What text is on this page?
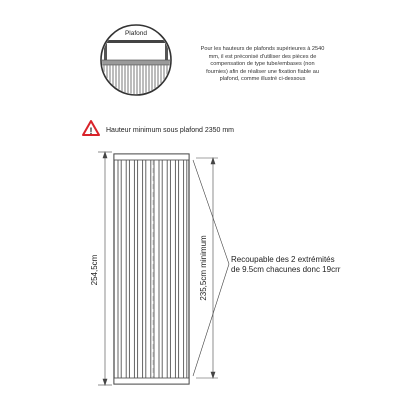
Plafond
! Hauteur minimum sous plafond 2350 mm
254,5cm	235,5cm minimum	Recoupable des 2 extrémités de 9.5cm chacunes donc 19crr

Pour les hauteurs de plafonds supérieures à 2540
mm, il est préconisé d'utiliser des pièces de
compensation de type tube/embases (non
fournies) afin de réaliser une fixation fiable au
plafond, comme illustré ci-dessous
